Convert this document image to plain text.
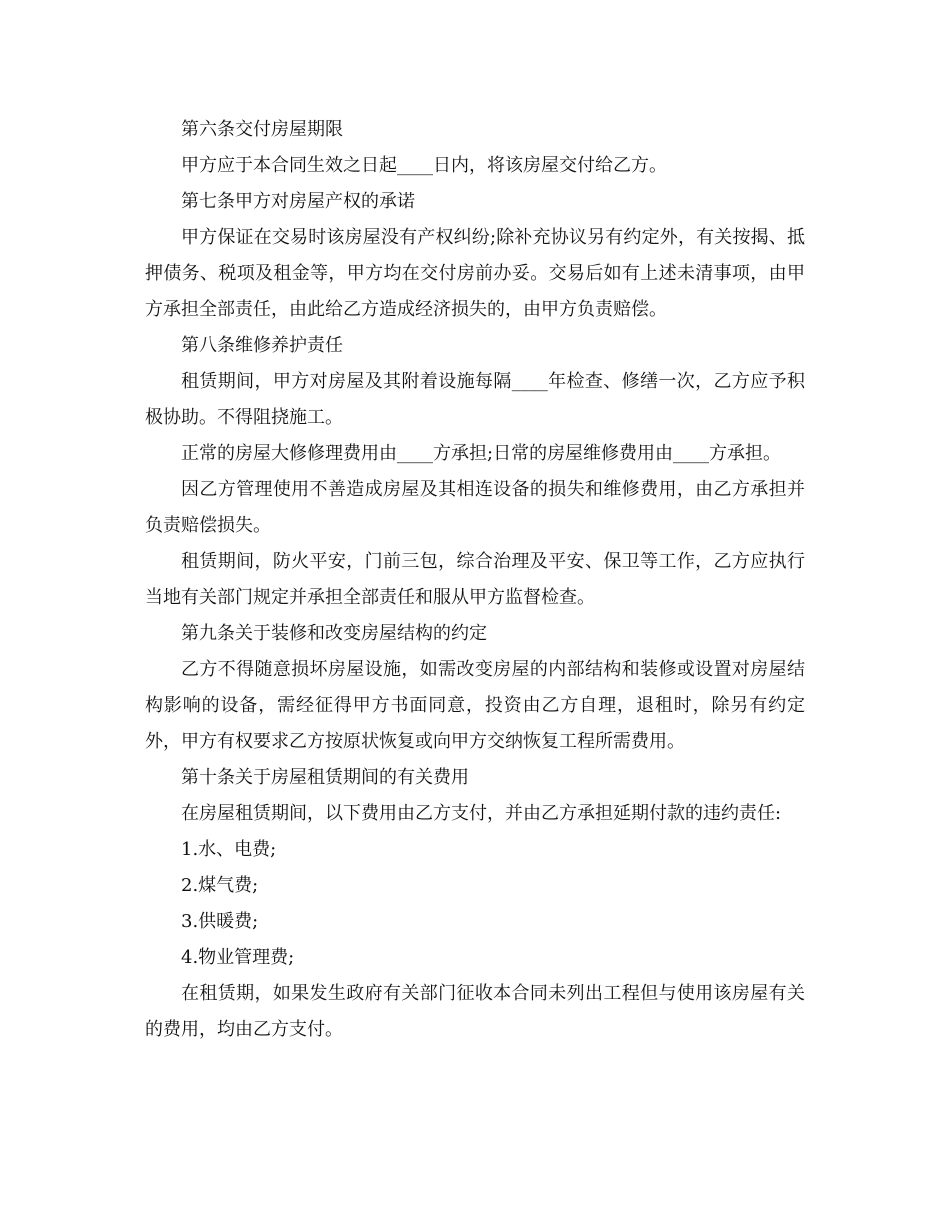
第六条交付房屋期限

甲方应于本合同生效之日起____日内，将该房屋交付给乙方。

第七条甲方对房屋产权的承诺

甲方保证在交易时该房屋没有产权纠纷;除补充协议另有约定外，有关按揭、抵押债务、税项及租金等，甲方均在交付房前办妥。交易后如有上述未清事项，由甲方承担全部责任，由此给乙方造成经济损失的，由甲方负责赔偿。

第八条维修养护责任

租赁期间，甲方对房屋及其附着设施每隔____年检查、修缮一次，乙方应予积极协助。不得阻挠施工。

正常的房屋大修修理费用由____方承担;日常的房屋维修费用由____方承担。

因乙方管理使用不善造成房屋及其相连设备的损失和维修费用，由乙方承担并负责赔偿损失。

租赁期间，防火平安，门前三包，综合治理及平安、保卫等工作，乙方应执行当地有关部门规定并承担全部责任和服从甲方监督检查。

第九条关于装修和改变房屋结构的约定

乙方不得随意损坏房屋设施，如需改变房屋的内部结构和装修或设置对房屋结构影响的设备，需经征得甲方书面同意，投资由乙方自理，退租时，除另有约定外，甲方有权要求乙方按原状恢复或向甲方交纳恢复工程所需费用。

第十条关于房屋租赁期间的有关费用

在房屋租赁期间，以下费用由乙方支付，并由乙方承担延期付款的违约责任:

1.水、电费;

2.煤气费;

3.供暖费;

4.物业管理费;

在租赁期，如果发生政府有关部门征收本合同未列出工程但与使用该房屋有关的费用，均由乙方支付。
